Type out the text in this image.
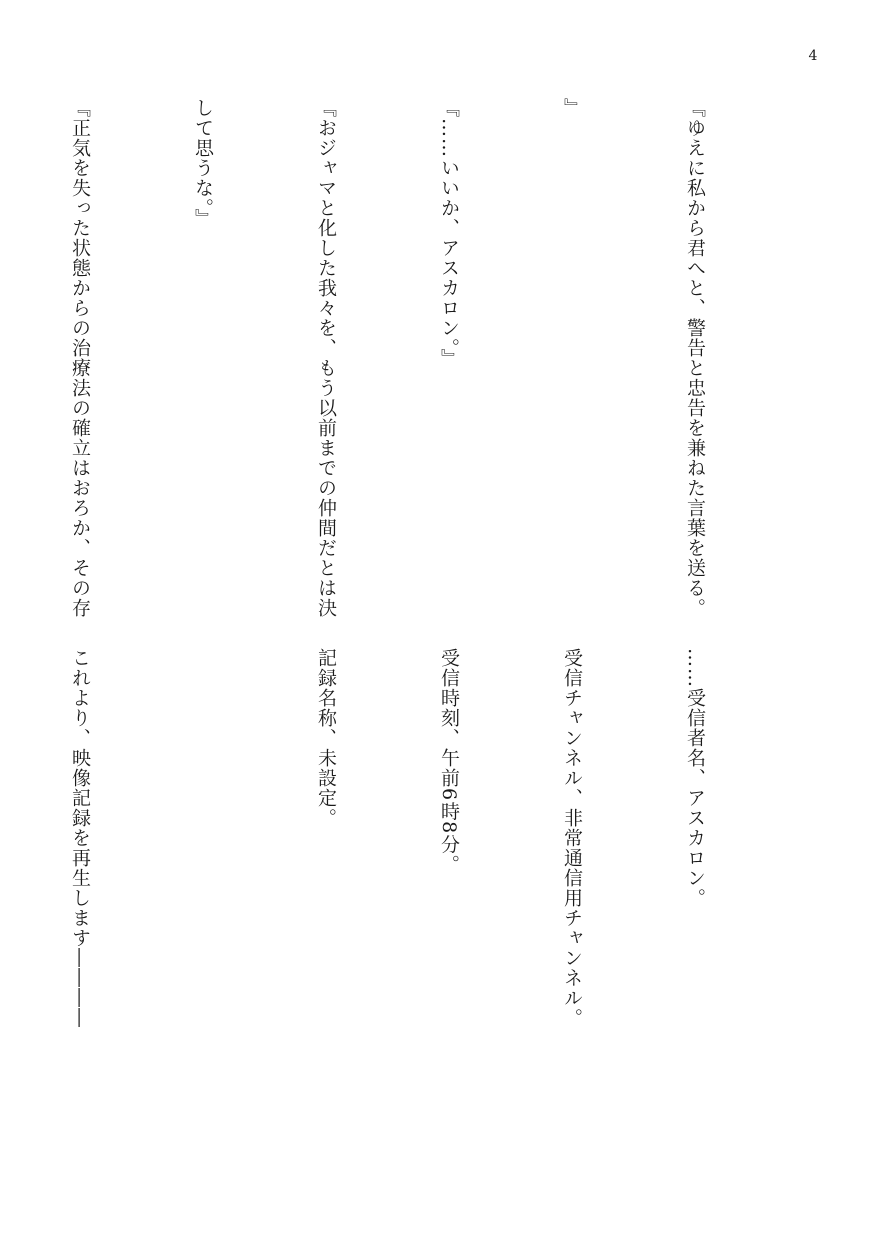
4

『ゆえに私から君へと、警告と忠告を兼ねた言葉を送る。

』

『……いいか、アスカロン。』

『おジャマと化した我々を、もう以前までの仲間だとは決

して思うな。』

『正気を失った状態からの治療法の確立はおろか、その存

……受信者名、アスカロン。

受信チャンネル、非常通信用チャンネル。

受信時刻、午前6時8分。

記録名称、未設定。

これより、映像記録を再生します――――
